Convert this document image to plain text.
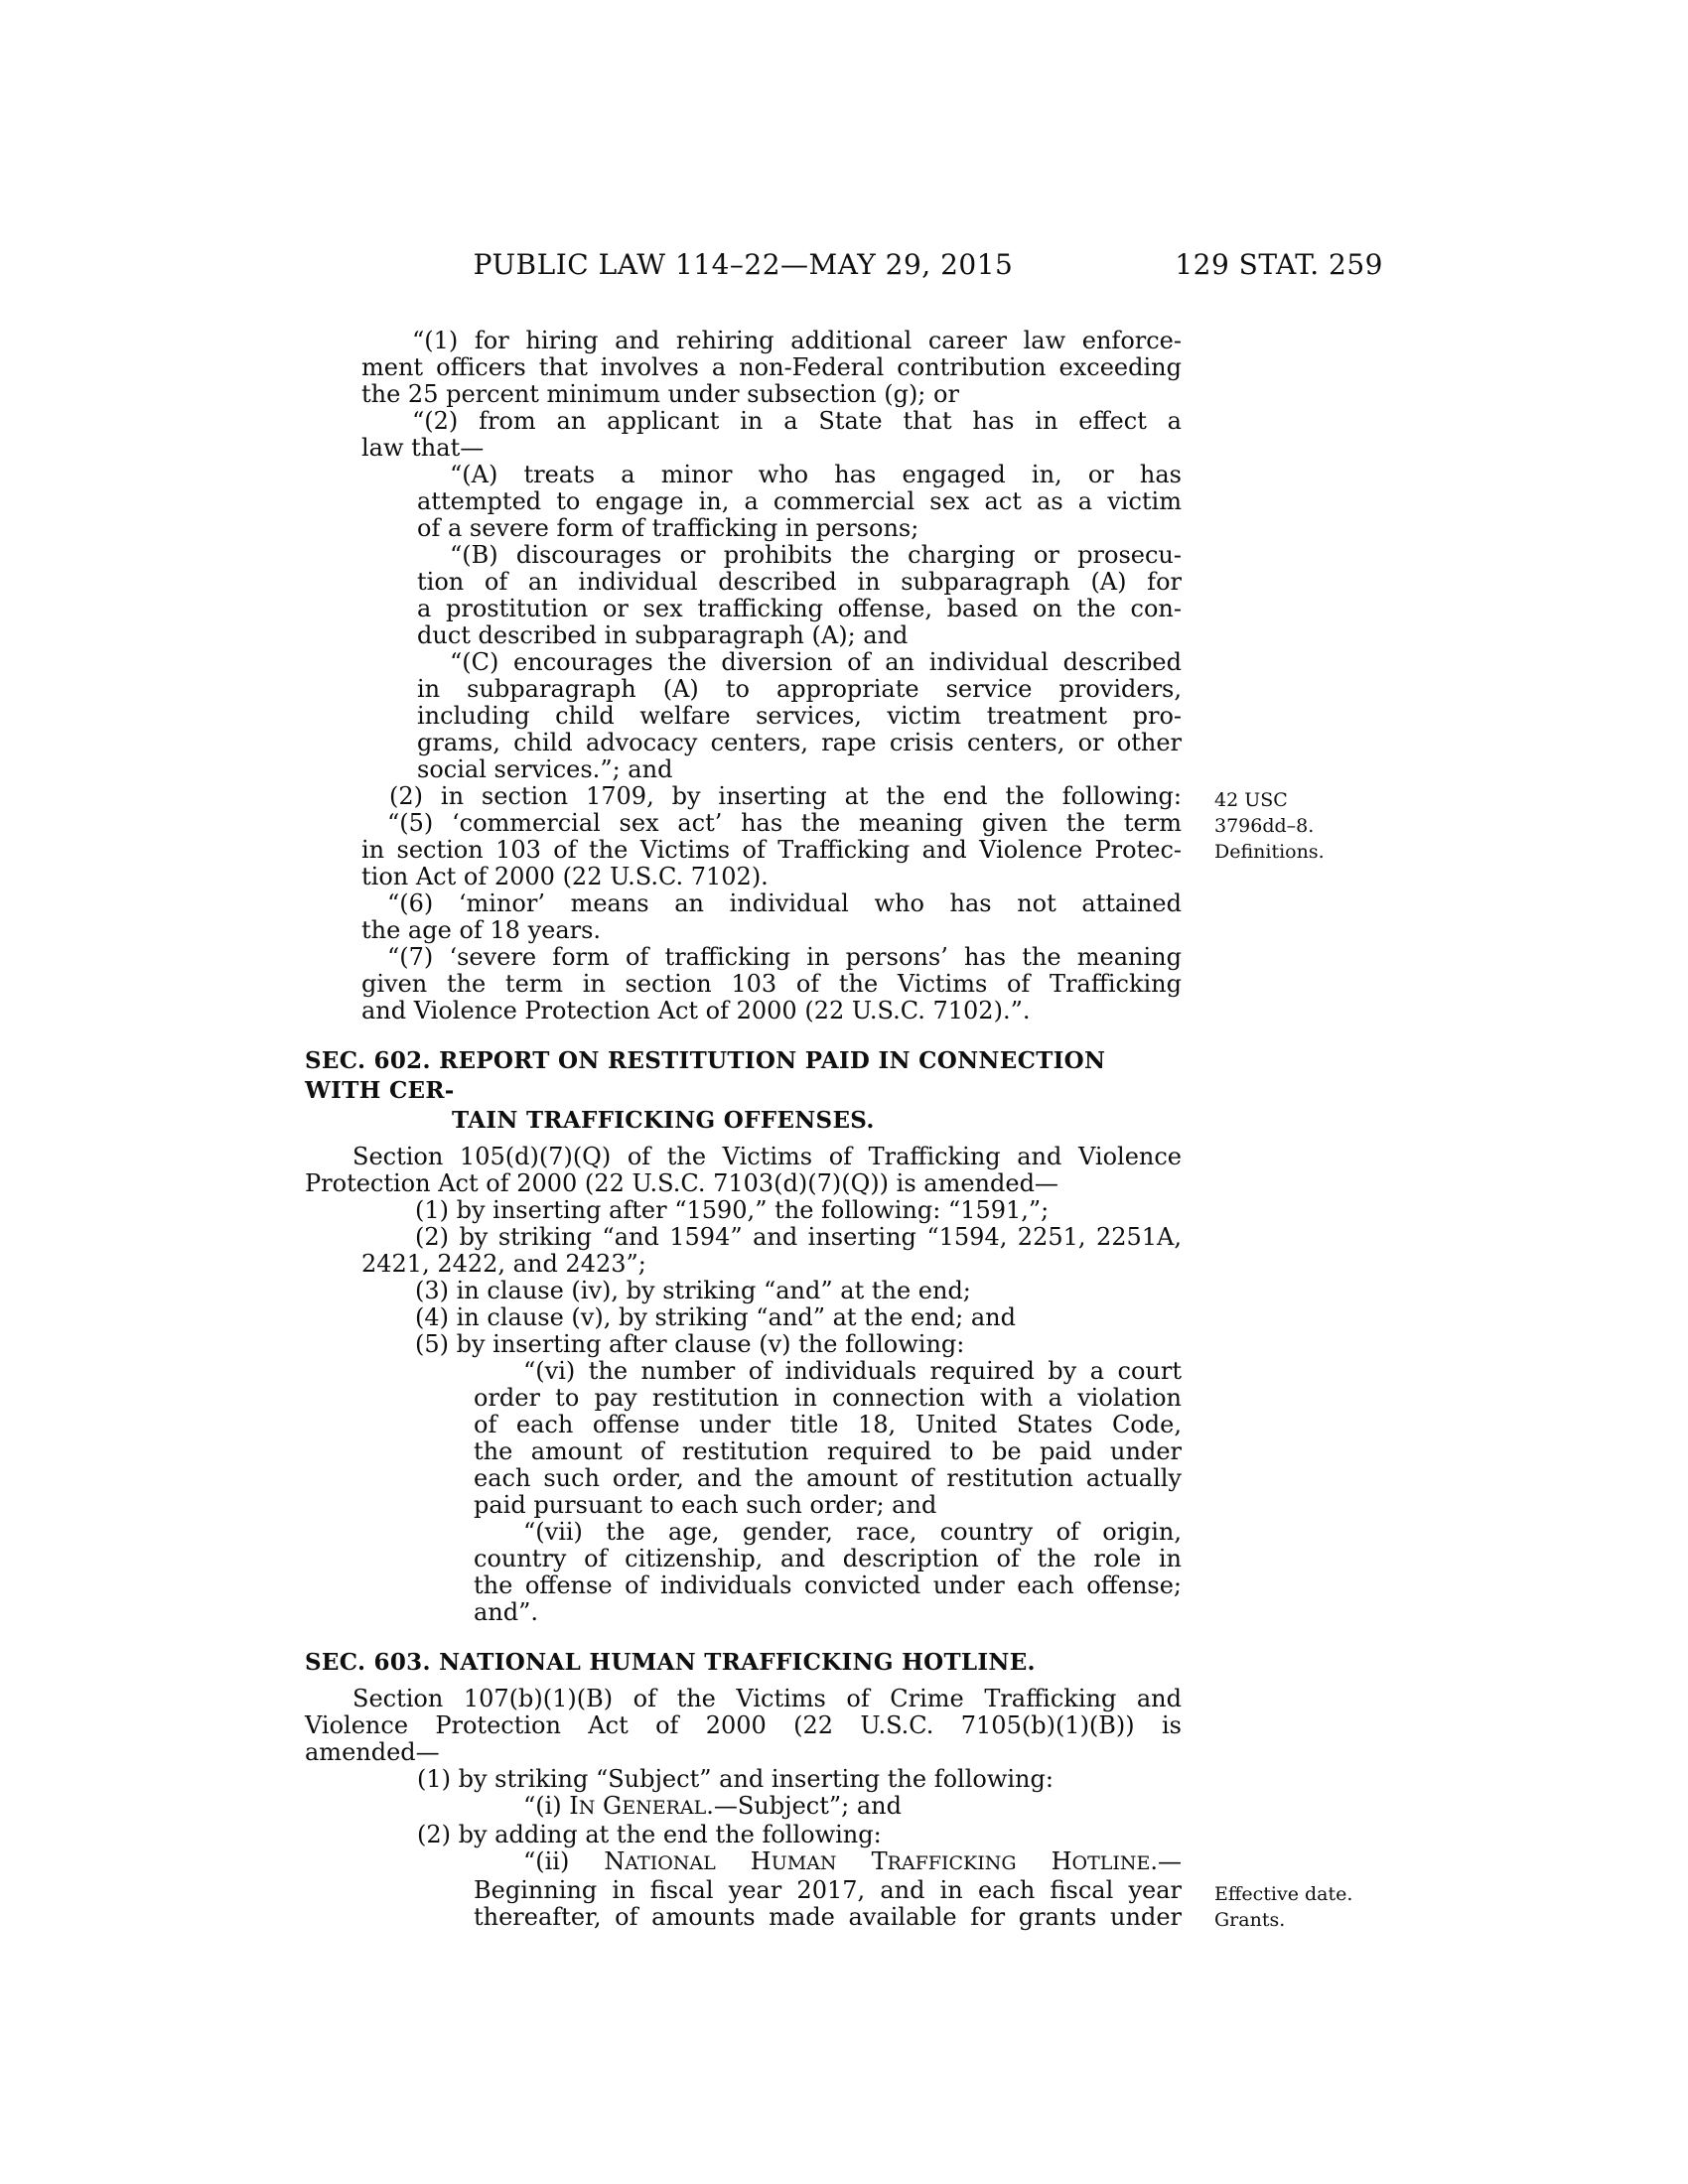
PUBLIC LAW 114–22—MAY 29, 2015	129 STAT. 259
“(1) for hiring and rehiring additional career law enforce-
ment officers that involves a non-Federal contribution exceeding
the 25 percent minimum under subsection (g); or
“(2) from an applicant in a State that has in effect a
law that—
“(A) treats a minor who has engaged in, or has
attempted to engage in, a commercial sex act as a victim
of a severe form of trafficking in persons;
“(B) discourages or prohibits the charging or prosecu-
tion of an individual described in subparagraph (A) for
a prostitution or sex trafficking offense, based on the con-
duct described in subparagraph (A); and
“(C) encourages the diversion of an individual described
in subparagraph (A) to appropriate service providers,
including child welfare services, victim treatment pro-
grams, child advocacy centers, rape crisis centers, or other
social services.”; and
(2) in section 1709, by inserting at the end the following: 42 USC
3796dd–8.
Definitions.
“(5) ‘commercial sex act’ has the meaning given the term
in section 103 of the Victims of Trafficking and Violence Protec-
tion Act of 2000 (22 U.S.C. 7102).
“(6) ‘minor’ means an individual who has not attained
the age of 18 years.
“(7) ‘severe form of trafficking in persons’ has the meaning
given the term in section 103 of the Victims of Trafficking
and Violence Protection Act of 2000 (22 U.S.C. 7102).”.
SEC. 602. REPORT ON RESTITUTION PAID IN CONNECTION WITH CER-
TAIN TRAFFICKING OFFENSES.
Section 105(d)(7)(Q) of the Victims of Trafficking and Violence
Protection Act of 2000 (22 U.S.C. 7103(d)(7)(Q)) is amended—
(1) by inserting after “1590,” the following: “1591,”;
(2) by striking “and 1594” and inserting “1594, 2251, 2251A,
2421, 2422, and 2423”;
(3) in clause (iv), by striking “and” at the end;
(4) in clause (v), by striking “and” at the end; and
(5) by inserting after clause (v) the following:
“(vi) the number of individuals required by a court
order to pay restitution in connection with a violation
of each offense under title 18, United States Code,
the amount of restitution required to be paid under
each such order, and the amount of restitution actually
paid pursuant to each such order; and
“(vii) the age, gender, race, country of origin,
country of citizenship, and description of the role in
the offense of individuals convicted under each offense;
and”.
SEC. 603. NATIONAL HUMAN TRAFFICKING HOTLINE.
Section 107(b)(1)(B) of the Victims of Crime Trafficking and
Violence Protection Act of 2000 (22 U.S.C. 7105(b)(1)(B)) is
amended—
(1) by striking “Subject” and inserting the following:
“(i) IN GENERAL.—Subject”; and
(2) by adding at the end the following:
“(ii) NATIONAL HUMAN TRAFFICKING HOTLINE.—
Beginning in fiscal year 2017, and in each fiscal year Effective date.
Grants.
thereafter, of amounts made available for grants under
